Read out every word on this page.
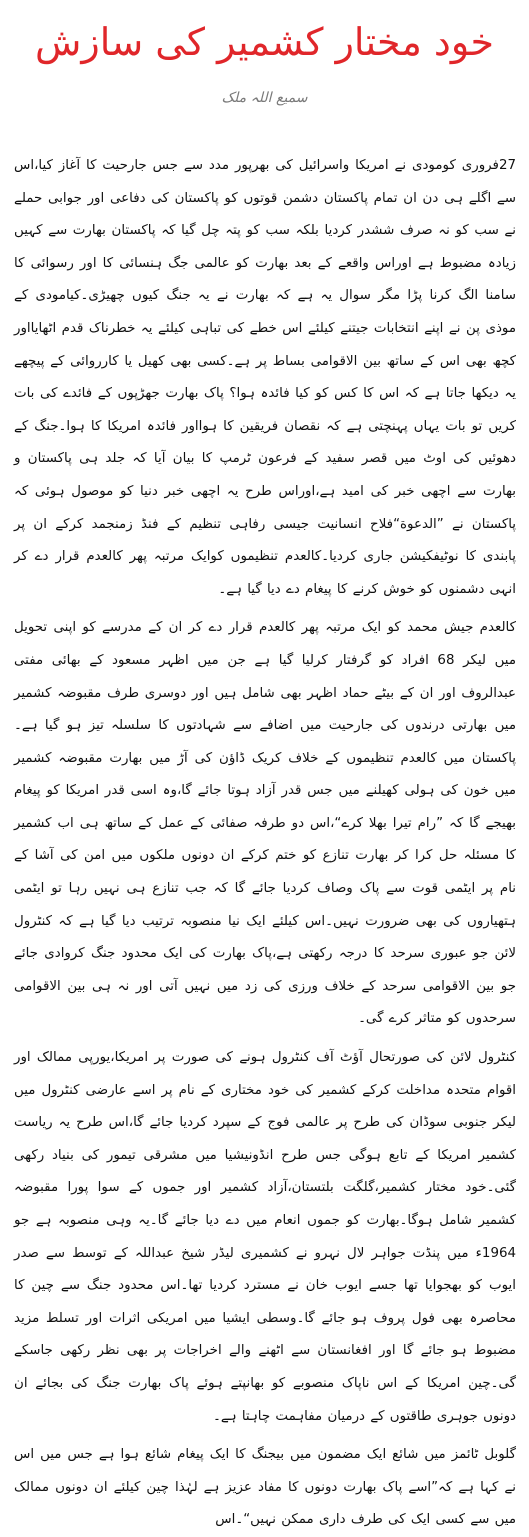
خود مختار کشمیر کی سازش
سمیع اللہ ملک

27فروری کومودی نے امریکا واسرائیل کی بھرپور مدد سے جس جارحیت کا آغاز کیا،اس سے اگلے ہی دن ان تمام پاکستان دشمن قوتوں کو پاکستان کی دفاعی اور جوابی حملے نے سب کو نہ صرف ششدر کردیا بلکہ سب کو پتہ چل گیا کہ پاکستان بھارت سے کہیں زیادہ مضبوط ہے اوراس واقعے کے بعد بھارت کو عالمی جگ ہنسائی کا اور رسوائی کا سامنا الگ کرنا پڑا مگر سوال یہ ہے کہ بھارت نے یہ جنگ کیوں چھیڑی۔کیامودی کے موذی پن نے اپنے انتخابات جیتنے کیلئے اس خطے کی تباہی کیلئے یہ خطرناک قدم اٹھایااور کچھ بھی اس کے ساتھ بین الاقوامی بساط پر ہے۔کسی بھی کھیل یا کارروائی کے پیچھے یہ دیکھا جاتا ہے کہ اس کا کس کو کیا فائدہ ہوا؟ پاک بھارت جھڑپوں کے فائدے کی بات کریں تو بات یہاں پہنچتی ہے کہ نقصان فریقین کا ہوااور فائدہ امریکا کا ہوا۔جنگ کے دھوئیں کی اوٹ میں قصر سفید کے فرعون ٹرمپ کا بیان آیا کہ جلد ہی پاکستان و بھارت سے اچھی خبر کی امید ہے،اوراس طرح یہ اچھی خبر دنیا کو موصول ہوئی کہ پاکستان نے ”الدعوة“فلاح انسانیت جیسی رفاہی تنظیم کے فنڈ زمنجمد کرکے ان پر پابندی کا نوٹیفکیشن جاری کردیا۔کالعدم تنظیموں کوایک مرتبہ پھر کالعدم قرار دے کر انہی دشمنوں کو خوش کرنے کا پیغام دے دیا گیا ہے۔

کالعدم جیش محمد کو ایک مرتبہ پھر کالعدم قرار دے کر ان کے مدرسے کو اپنی تحویل میں لیکر 68 افراد کو گرفتار کرلیا گیا ہے جن میں اظہر مسعود کے بھائی مفتی عبدالروف اور ان کے بیٹے حماد اظہر بھی شامل ہیں اور دوسری طرف مقبوضہ کشمیر میں بھارتی درندوں کی جارحیت میں اضافے سے شہادتوں کا سلسلہ تیز ہو گیا ہے۔پاکستان میں کالعدم تنظیموں کے خلاف کریک ڈاؤن کی آڑ میں بھارت مقبوضہ کشمیر میں خون کی ہولی کھیلنے میں جس قدر آزاد ہوتا جائے گا،وہ اسی قدر امریکا کو پیغام بھیجے گا کہ ”رام تیرا بھلا کرے“،اس دو طرفہ صفائی کے عمل کے ساتھ ہی اب کشمیر کا مسئلہ حل کرا کر بھارت تنازع کو ختم کرکے ان دونوں ملکوں میں امن کی آشا کے نام پر ایٹمی قوت سے پاک وصاف کردیا جائے گا کہ جب تنازع ہی نہیں رہا تو ایٹمی ہتھیاروں کی بھی ضرورت نہیں۔اس کیلئے ایک نیا منصوبہ ترتیب دیا گیا ہے کہ کنٹرول لائن جو عبوری سرحد کا درجہ رکھتی ہے،پاک بھارت کی ایک محدود جنگ کروادی جائے جو بین الاقوامی سرحد کے خلاف ورزی کی زد میں نہیں آتی اور نہ ہی بین الاقوامی سرحدوں کو متاثر کرے گی۔

کنٹرول لائن کی صورتحال آؤٹ آف کنٹرول ہونے کی صورت پر امریکا،یورپی ممالک اور اقوام متحدہ مداخلت کرکے کشمیر کی خود مختاری کے نام پر اسے عارضی کنٹرول میں لیکر جنوبی سوڈان کی طرح پر عالمی فوج کے سپرد کردیا جائے گا،اس طرح یہ ریاست کشمیر امریکا کے تابع ہوگی جس طرح انڈونیشیا میں مشرقی تیمور کی بنیاد رکھی گئی۔خود مختار کشمیر،گلگت بلتستان،آزاد کشمیر اور جموں کے سوا پورا مقبوضہ کشمیر شامل ہوگا۔بھارت کو جموں انعام میں دے دیا جائے گا۔یہ وہی منصوبہ ہے جو 1964ء میں پنڈت جواہر لال نہرو نے کشمیری لیڈر شیخ عبداللہ کے توسط سے صدر ایوب کو بھجوایا تھا جسے ایوب خان نے مسترد کردیا تھا۔اس محدود جنگ سے چین کا محاصرہ بھی فول پروف ہو جائے گا۔وسطی ایشیا میں امریکی اثرات اور تسلط مزید مضبوط ہو جائے گا اور افغانستان سے اٹھنے والے اخراجات پر بھی نظر رکھی جاسکے گی۔چین امریکا کے اس ناپاک منصوبے کو بھانپتے ہوئے پاک بھارت جنگ کی بجائے ان دونوں جوہری طاقتوں کے درمیان مفاہمت چاہتا ہے۔

گلوبل ٹائمز میں شائع ایک مضمون میں بیجنگ کا ایک پیغام شائع ہوا ہے جس میں اس نے کہا ہے کہ”اسے پاک بھارت دونوں کا مفاد عزیز ہے لہٰذا چین کیلئے ان دونوں ممالک میں سے کسی ایک کی طرف داری ممکن نہیں“۔اس
